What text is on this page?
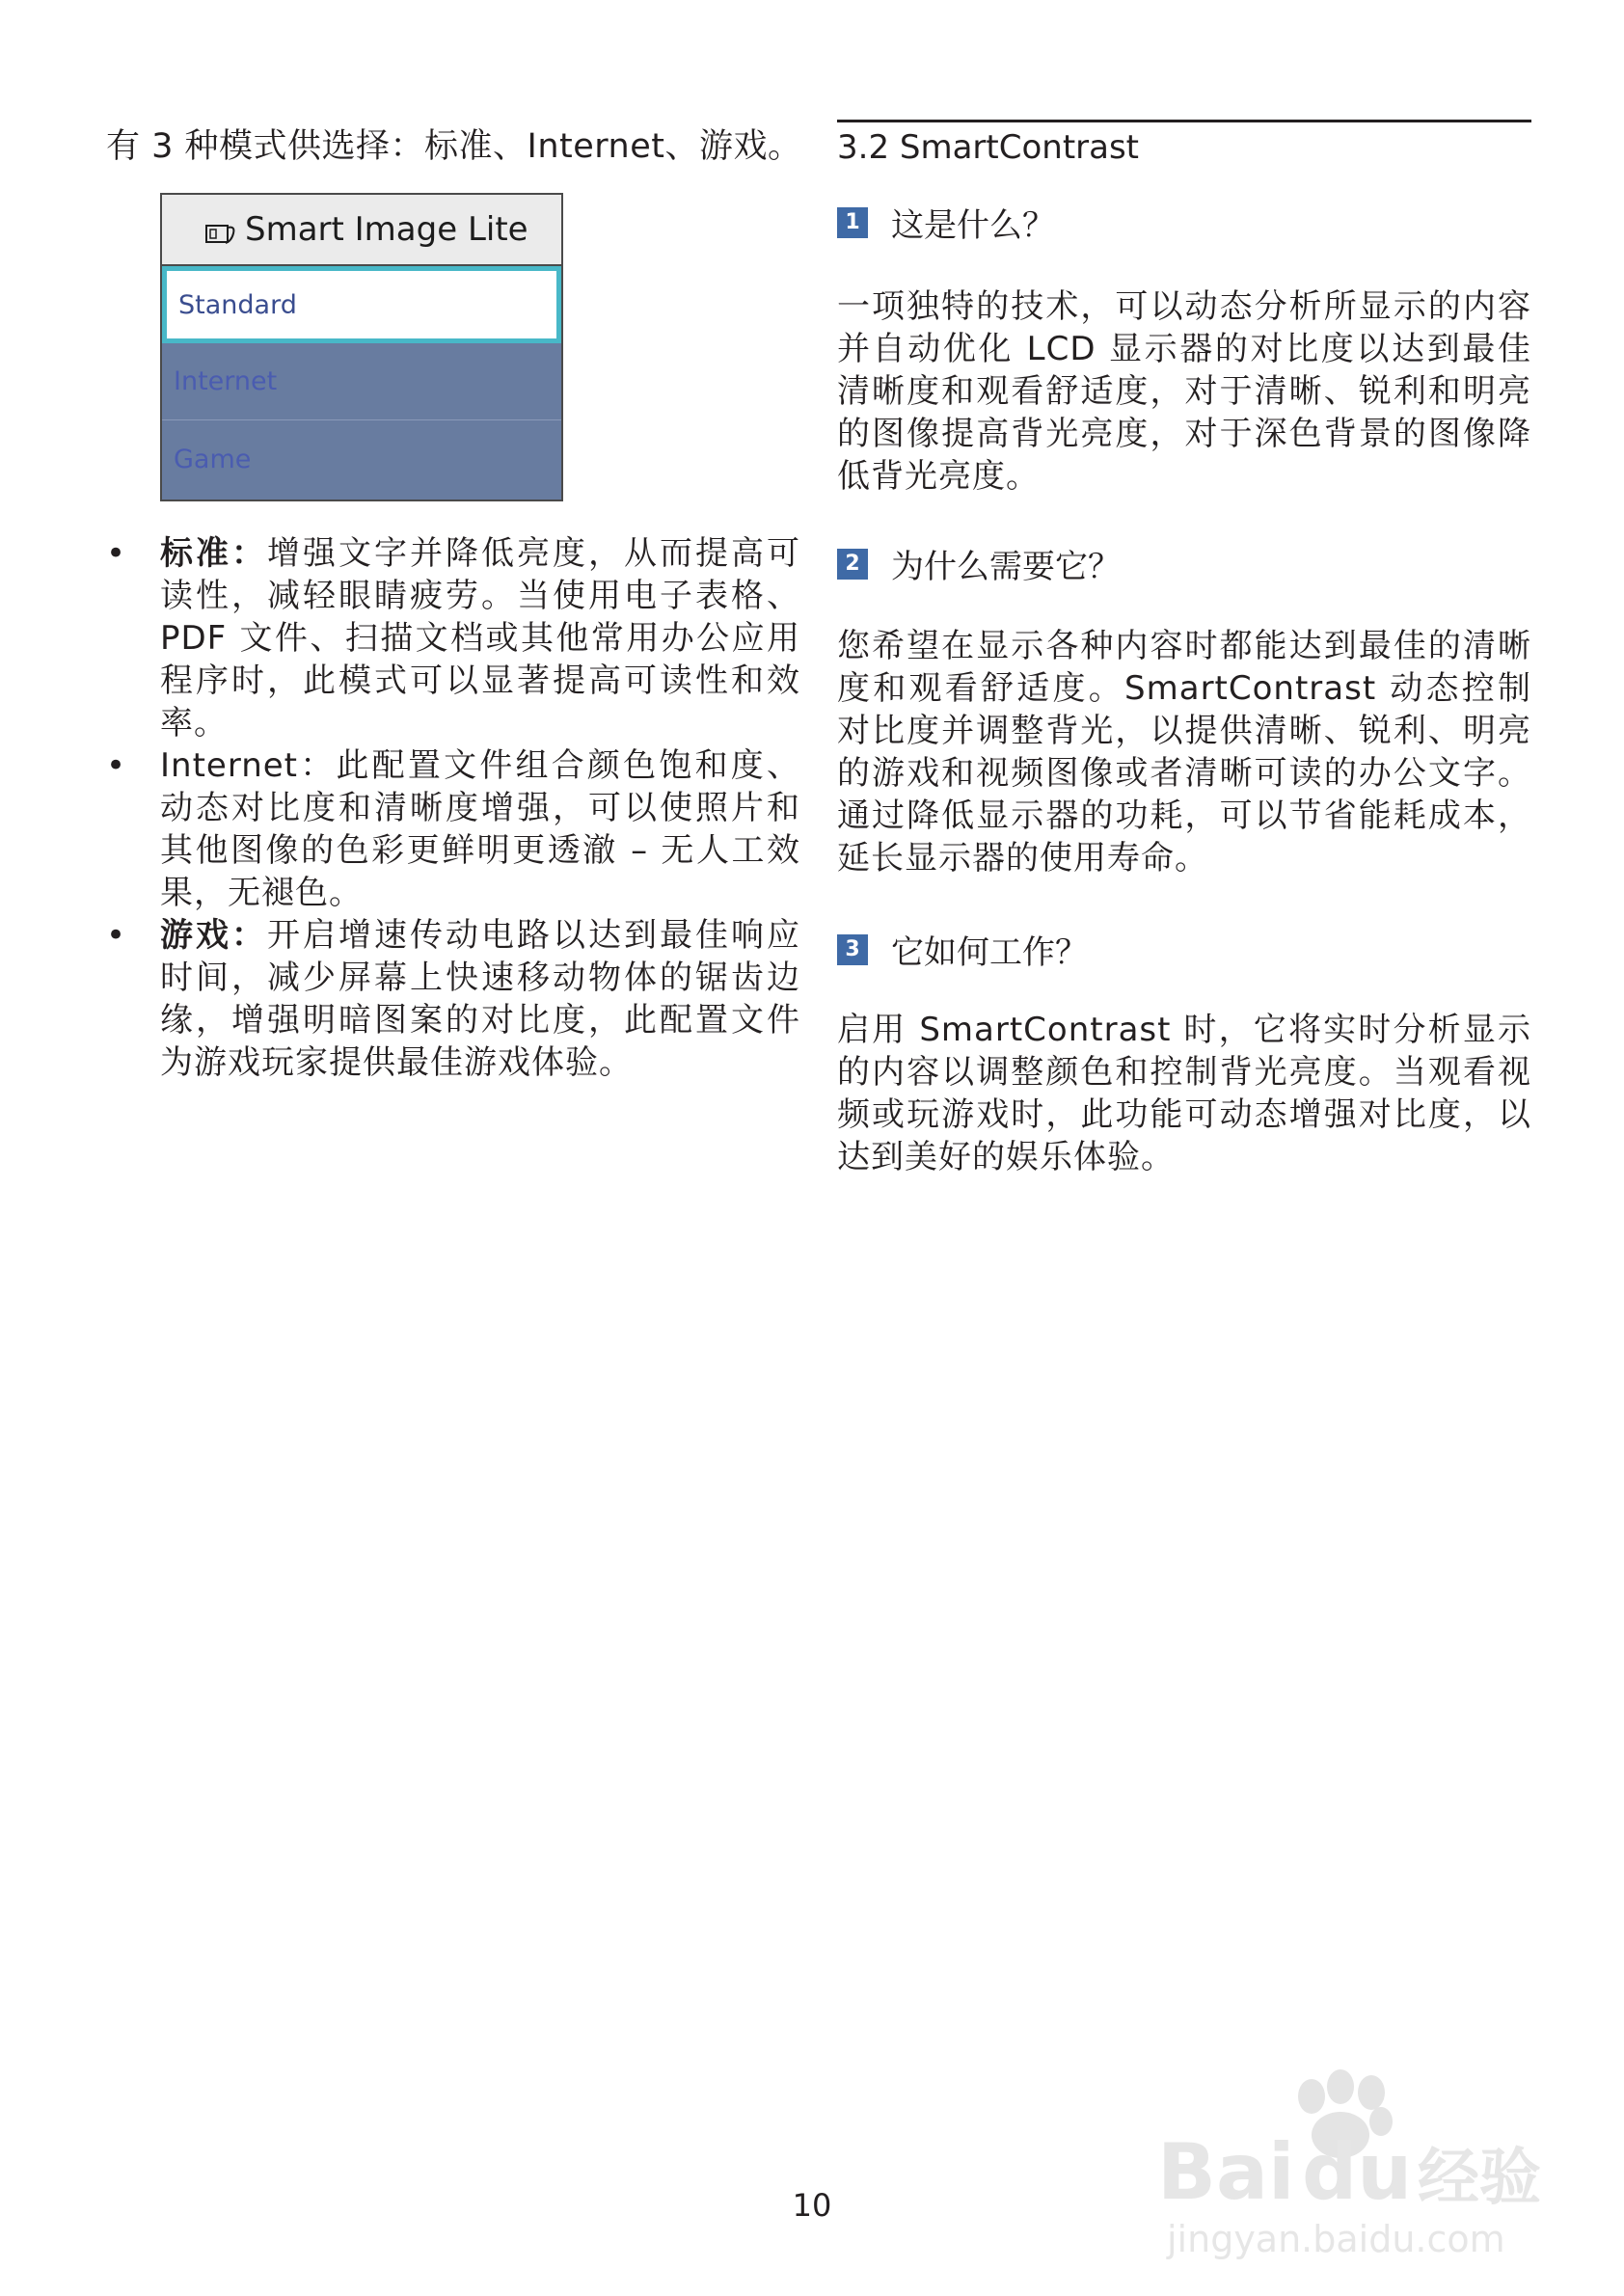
有 3 种模式供选择：标准、Internet、游戏。
Smart Image Lite
Standard
Internet
Game
• 标准：增强文字并降低亮度，从而提高可读性，减轻眼睛疲劳。当使用电子表格、PDF 文件、扫描文档或其他常用办公应用程序时，此模式可以显著提高可读性和效率。
• Internet：此配置文件组合颜色饱和度、动态对比度和清晰度增强，可以使照片和其他图像的色彩更鲜明更透澈 – 无人工效果，无褪色。
• 游戏：开启增速传动电路以达到最佳响应时间，减少屏幕上快速移动物体的锯齿边缘，增强明暗图案的对比度，此配置文件为游戏玩家提供最佳游戏体验。
3.2 SmartContrast
1 这是什么？
一项独特的技术，可以动态分析所显示的内容并自动优化 LCD 显示器的对比度以达到最佳清晰度和观看舒适度，对于清晰、锐利和明亮的图像提高背光亮度，对于深色背景的图像降低背光亮度。
2 为什么需要它？
您希望在显示各种内容时都能达到最佳的清晰度和观看舒适度。SmartContrast 动态控制对比度并调整背光，以提供清晰、锐利、明亮的游戏和视频图像或者清晰可读的办公文字。通过降低显示器的功耗，可以节省能耗成本，延长显示器的使用寿命。
3 它如何工作？
启用 SmartContrast 时，它将实时分析显示的内容以调整颜色和控制背光亮度。当观看视频或玩游戏时，此功能可动态增强对比度，以达到美好的娱乐体验。
10	Bai du 经验
jingyan.baidu.com
